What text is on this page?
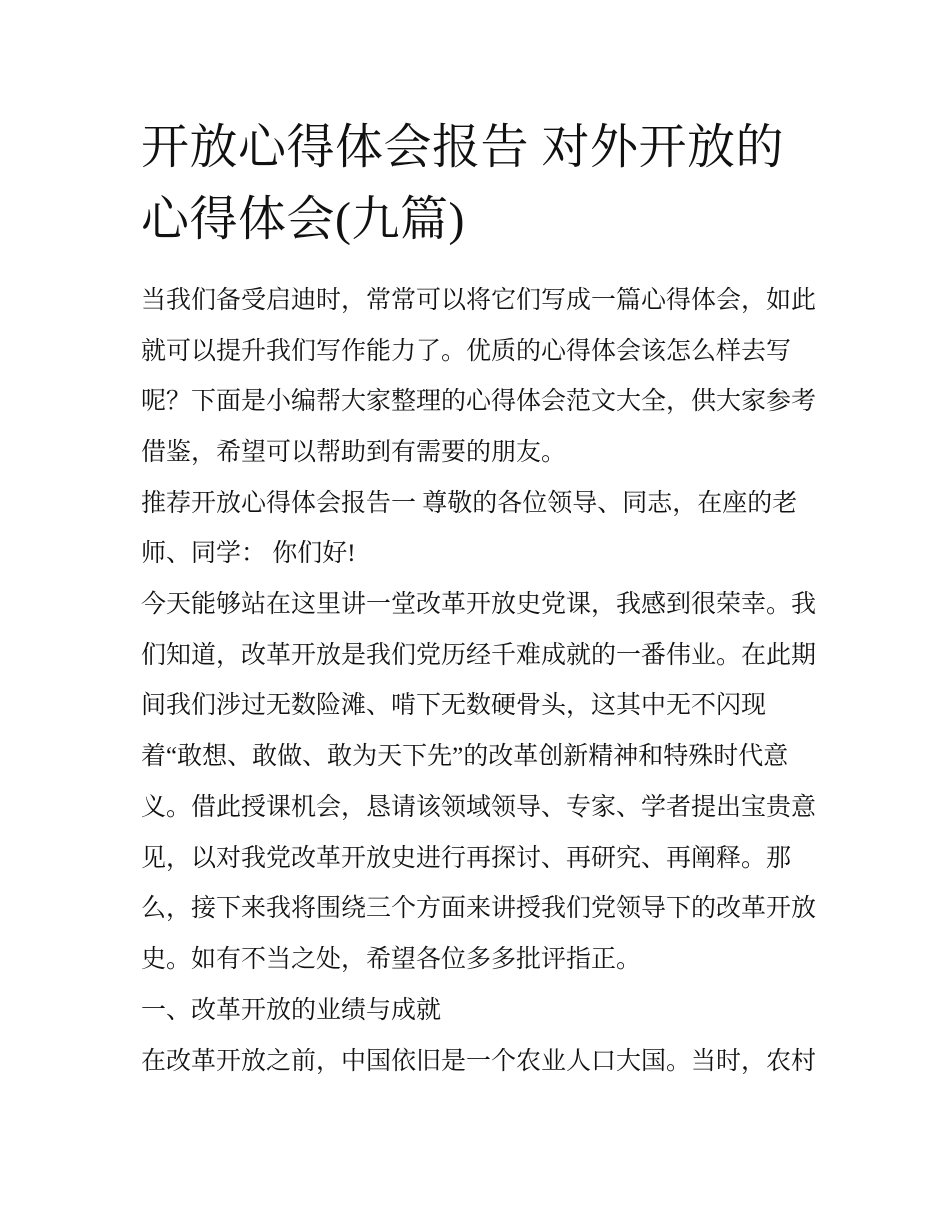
开放心得体会报告 对外开放的
心得体会(九篇)

当我们备受启迪时，常常可以将它们写成一篇心得体会，如此

就可以提升我们写作能力了。优质的心得体会该怎么样去写

呢？下面是小编帮大家整理的心得体会范文大全，供大家参考

借鉴，希望可以帮助到有需要的朋友。

推荐开放心得体会报告一 尊敬的各位领导、同志，在座的老

师、同学： 你们好!

今天能够站在这里讲一堂改革开放史党课，我感到很荣幸。我

们知道，改革开放是我们党历经千难成就的一番伟业。在此期

间我们涉过无数险滩、啃下无数硬骨头，这其中无不闪现

着“敢想、敢做、敢为天下先”的改革创新精神和特殊时代意

义。借此授课机会，恳请该领域领导、专家、学者提出宝贵意

见，以对我党改革开放史进行再探讨、再研究、再阐释。那

么，接下来我将围绕三个方面来讲授我们党领导下的改革开放

史。如有不当之处，希望各位多多批评指正。

一、改革开放的业绩与成就

在改革开放之前，中国依旧是一个农业人口大国。当时，农村
